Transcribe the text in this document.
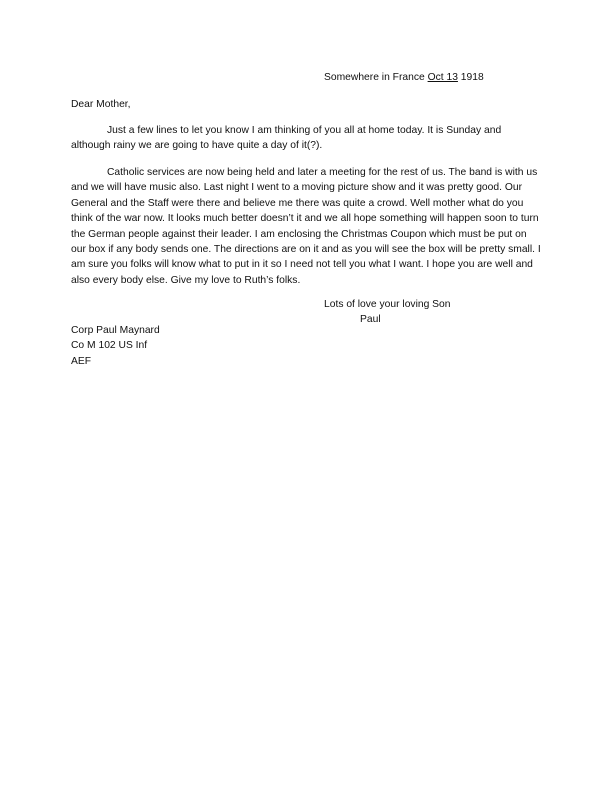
Somewhere in France Oct 13 1918
Dear Mother,

Just a few lines to let you know I am thinking of you all at home today. It is Sunday and although rainy we are going to have quite a day of it(?).

Catholic services are now being held and later a meeting for the rest of us. The band is with us and we will have music also. Last night I went to a moving picture show and it was pretty good. Our General and the Staff were there and believe me there was quite a crowd. Well mother what do you think of the war now. It looks much better doesn’t it and we all hope something will happen soon to turn the German people against their leader. I am enclosing the Christmas Coupon which must be put on our box if any body sends one. The directions are on it and as you will see the box will be pretty small. I am sure you folks will know what to put in it so I need not tell you what I want. I hope you are well and also every body else. Give my love to Ruth’s folks.

Lots of love your loving Son
Paul
Corp Paul Maynard
Co M 102 US Inf
AEF
